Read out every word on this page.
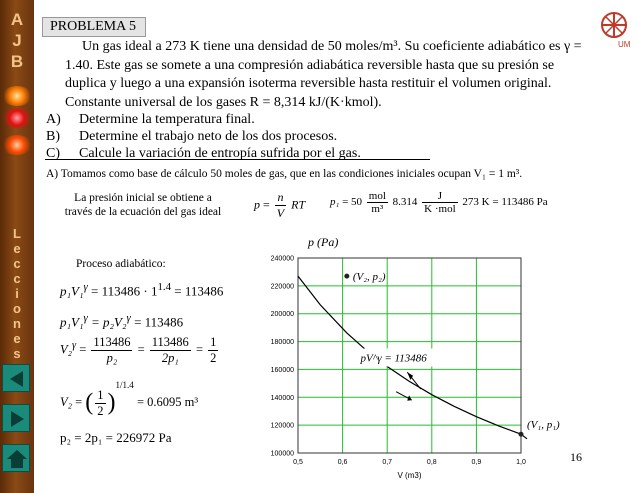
A
J
B
L
e
c
c
i
o
n
e
s
PROBLEMA 5
UM
Un gas ideal a 273 K tiene una densidad de 50 moles/m³. Su coeficiente adiabático es γ =
1.40. Este gas se somete a una compresión adiabática reversible hasta que su presión se
duplica y luego a una expansión isoterma reversible hasta restituir el volumen original.
Constante universal de los gases R = 8,314 kJ/(K·kmol).
A) Determine la temperatura final.
B) Determine el trabajo neto de los dos procesos.
C) Calcule la variación de entropía sufrida por el gas.
A) Tomamos como base de cálculo 50 moles de gas, que en las condiciones iniciales ocupan V₁ = 1 m³.
La presión inicial se obtiene a
través de la ecuación del gas ideal
$p = \frac{n}{V}$ RT $p_1 = 50 \frac{\text{mol}}{\text{m³}} 8.314 \frac{J}{\text{K ·mol}} 273$ K = 113486 Pa
Proceso adiabático:
$p_1V_1^\gamma = 113486 \cdot 1^{1.4} = 113486$
p₁V₁$^\gamma$ = p₂V₂$^\gamma$ = 113486
$V_2^\gamma = \frac{113486}{\text{p₂}} = \frac{113486}{\text{2p₁}} = \frac{1}{2}$
V₂ = ( $\frac{1}{2} )^{1/1.4} = 0.6095$ m³
p₂ = 2p₁ = 226972 Pa
0,5	0,6	0,7	0,8	0,9	1,0
100000
120000
140000
160000
180000
200000
220000
240000
V (m3)
p (Pa)
(V₂, p₂)
(V₁, p₁)
pV^γ = 113486
16
